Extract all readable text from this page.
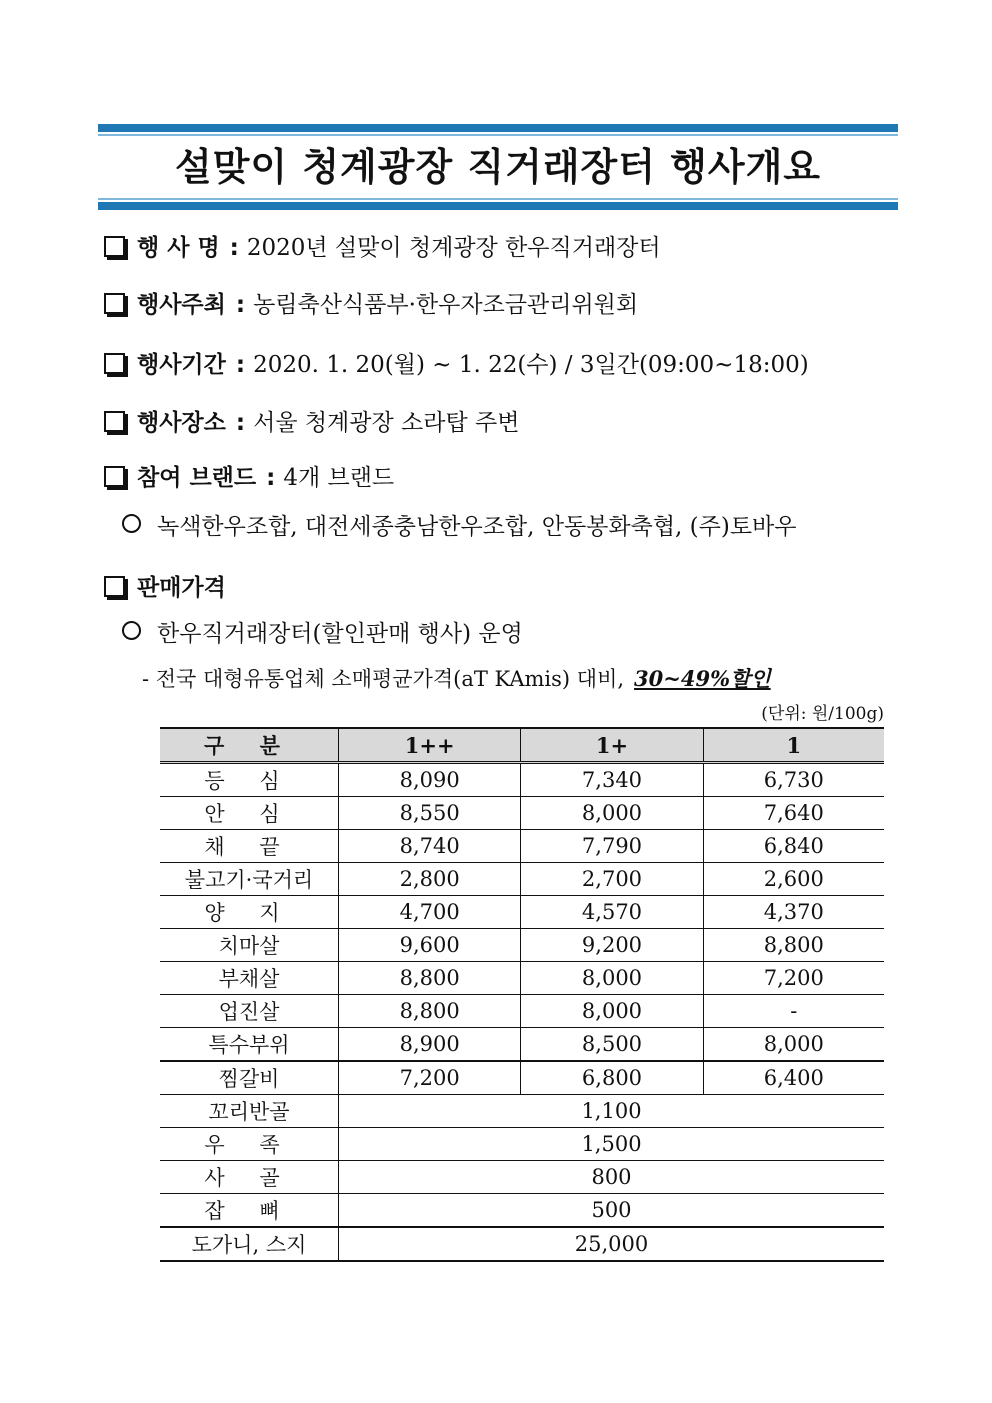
설맞이 청계광장 직거래장터 행사개요
행 사 명 : 2020년 설맞이 청계광장 한우직거래장터
행사주최 : 농림축산식품부·한우자조금관리위원회
행사기간 : 2020. 1. 20(월) ~ 1. 22(수) / 3일간(09:00~18:00)
행사장소 : 서울 청계광장 소라탑 주변
참여 브랜드 : 4개 브랜드
녹색한우조합, 대전세종충남한우조합, 안동봉화축협, (주)토바우
판매가격
한우직거래장터(할인판매 행사) 운영
- 전국 대형유통업체 소매평균가격(aT KAmis) 대비, 30~49%할인
(단위: 원/100g)
구 분	1++	1+	1
등 심	8,090	7,340	6,730
안 심	8,550	8,000	7,640
채 끝	8,740	7,790	6,840
불고기·국거리	2,800	2,700	2,600
양 지	4,700	4,570	4,370
치마살	9,600	9,200	8,800
부채살	8,800	8,000	7,200
업진살	8,800	8,000	-
특수부위	8,900	8,500	8,000
찜갈비	7,200	6,800	6,400
꼬리반골	1,100		
우 족	1,500		
사 골	800		
잡 뼈	500		
도가니, 스지	25,000		
